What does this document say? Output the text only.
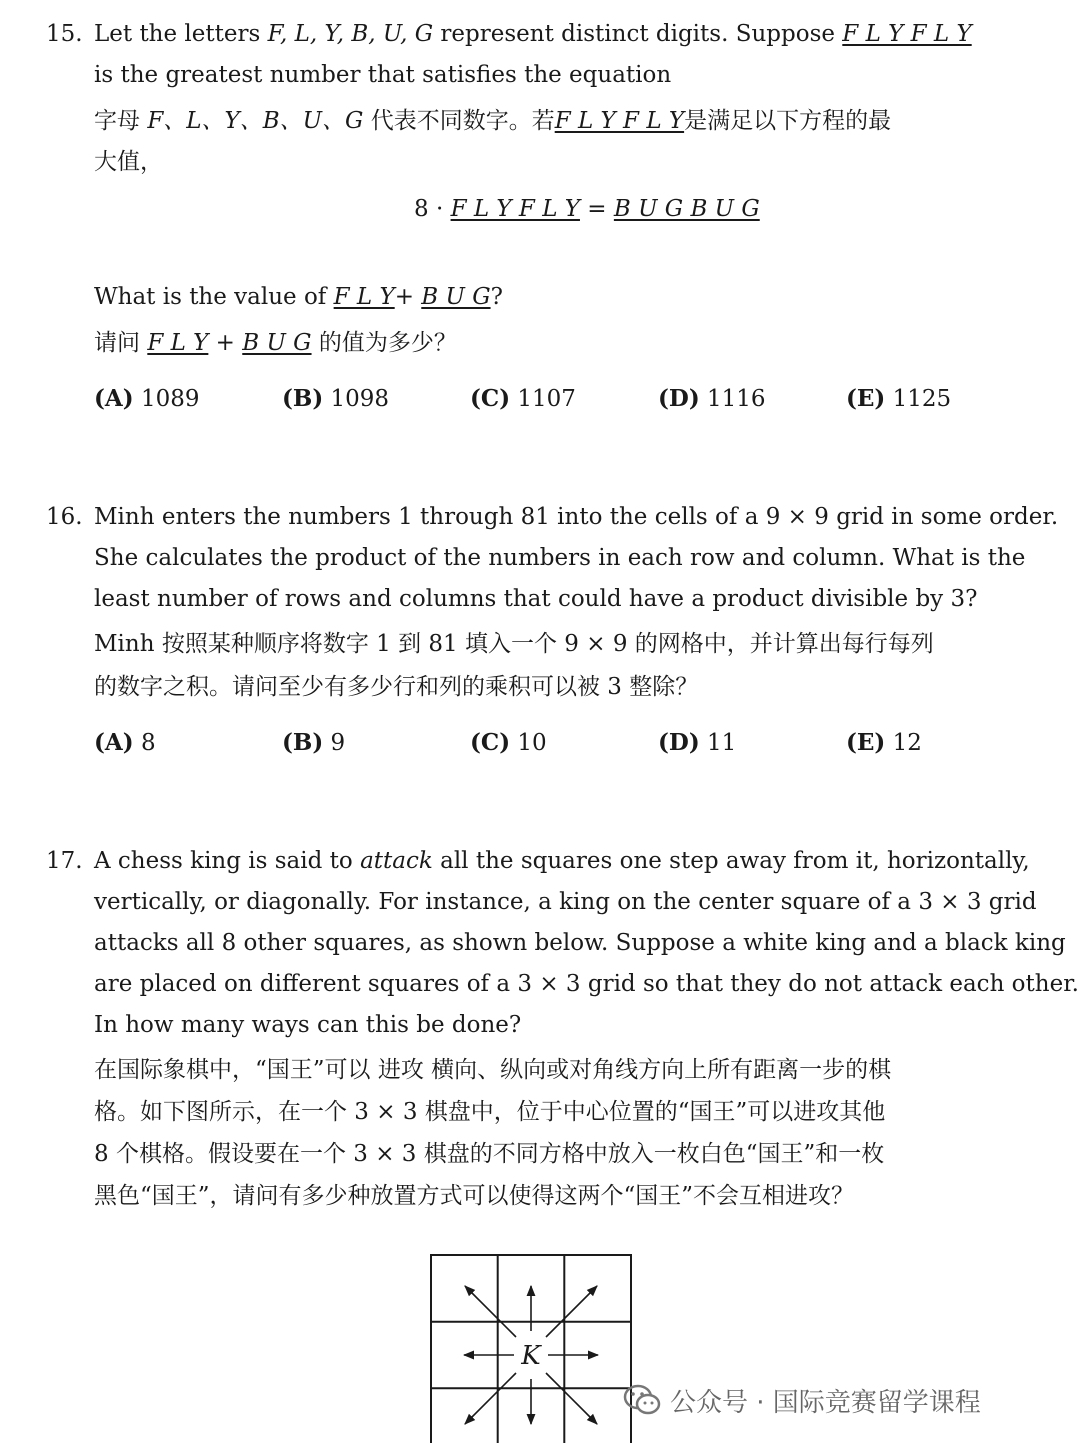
15. Let the letters F, L, Y, B, U, G represent distinct digits. Suppose F L Y F L Y
is the greatest number that satisfies the equation
字母 F、L、Y、B、U、G 代表不同数字。若F L Y F L Y是满足以下方程的最
大值，
8 · F L Y F L Y = B U G B U G
What is the value of F L Y+ B U G?
请问 F L Y + B U G 的值为多少？
(A) 1089	(B) 1098	(C) 1107	(D) 1116	(E) 1125
16. Minh enters the numbers 1 through 81 into the cells of a 9 × 9 grid in some order.
She calculates the product of the numbers in each row and column. What is the
least number of rows and columns that could have a product divisible by 3?
Minh 按照某种顺序将数字 1 到 81 填入一个 9 × 9 的网格中，并计算出每行每列
的数字之积。请问至少有多少行和列的乘积可以被 3 整除？
(A) 8	(B) 9	(C) 10	(D) 11	(E) 12
17. A chess king is said to attack all the squares one step away from it, horizontally,
vertically, or diagonally. For instance, a king on the center square of a 3 × 3 grid
attacks all 8 other squares, as shown below. Suppose a white king and a black king
are placed on different squares of a 3 × 3 grid so that they do not attack each other.
In how many ways can this be done?
在国际象棋中，“国王”可以 进攻 横向、纵向或对角线方向上所有距离一步的棋
格。如下图所示，在一个 3 × 3 棋盘中，位于中心位置的“国王”可以进攻其他
8 个棋格。假设要在一个 3 × 3 棋盘的不同方格中放入一枚白色“国王”和一枚
黑色“国王”，请问有多少种放置方式可以使得这两个“国王”不会互相进攻？
K
公众号 · 国际竞赛留学课程
